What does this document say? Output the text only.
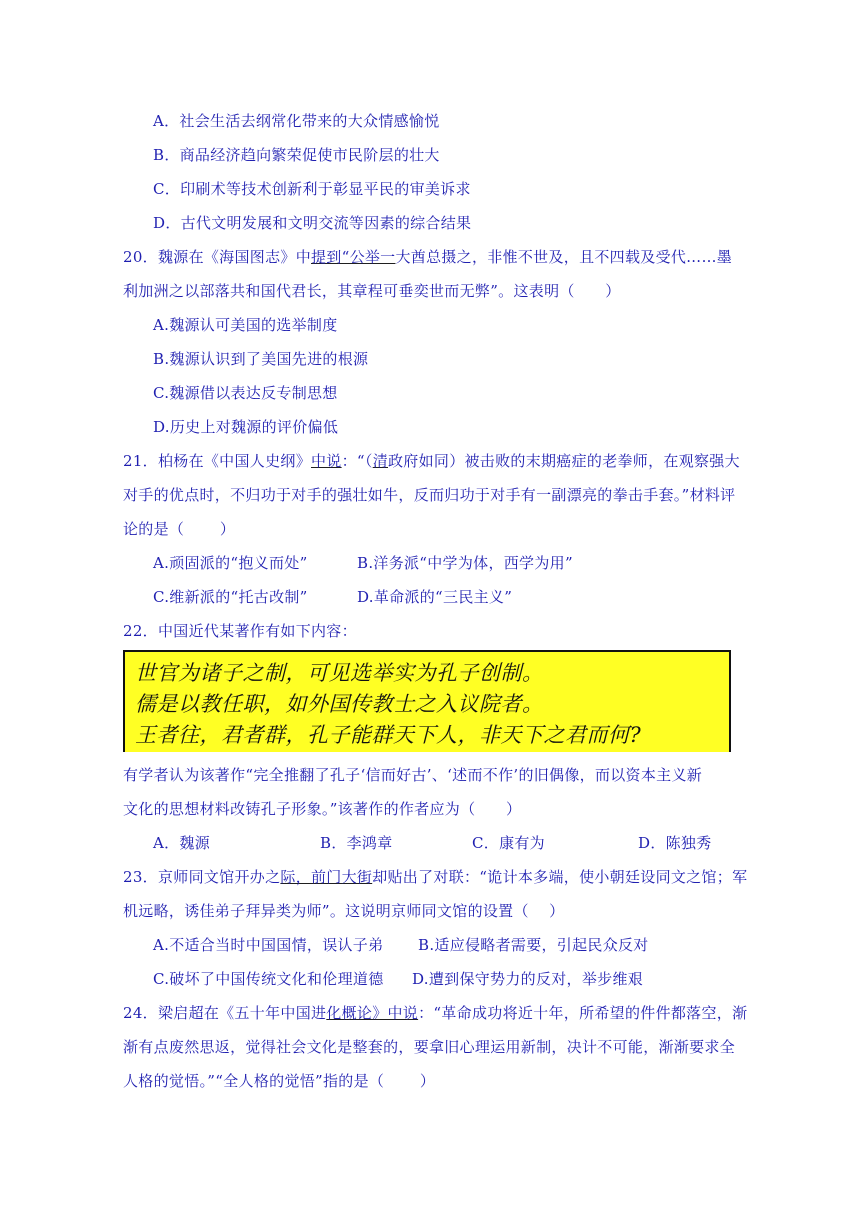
A．社会生活去纲常化带来的大众情感愉悦
B．商品经济趋向繁荣促使市民阶层的壮大
C．印刷术等技术创新利于彰显平民的审美诉求
D．古代文明发展和文明交流等因素的综合结果
20．魏源在《海国图志》中提到“公举一大酋总摄之，非惟不世及，且不四载及受代……墨
利加洲之以部落共和国代君长，其章程可垂奕世而无弊”。这表明（　　）
A.魏源认可美国的选举制度
B.魏源认识到了美国先进的根源
C.魏源借以表达反专制思想
D.历史上对魏源的评价偏低
21．柏杨在《中国人史纲》中说：“（清政府如同）被击败的末期癌症的老拳师，在观察强大
对手的优点时，不归功于对手的强壮如牛，反而归功于对手有一副漂亮的拳击手套。”材料评
论的是（　　 ）
A.顽固派的“抱义而处”	B.洋务派“中学为体，西学为用”
C.维新派的“托古改制”	D.革命派的“三民主义”
22．中国近代某著作有如下内容：
世官为诸子之制，可见选举实为孔子创制。
儒是以教任职，如外国传教士之入议院者。
王者往，君者群，孔子能群天下人，非天下之君而何?
有学者认为该著作“完全推翻了孔子‘信而好古’、‘述而不作’的旧偶像，而以资本主义新
文化的思想材料改铸孔子形象。”该著作的作者应为（　　）
A．魏源	B．李鸿章	C．康有为	D．陈独秀
23．京师同文馆开办之际，前门大街却贴出了对联：“诡计本多端，使小朝廷设同文之馆；军
机远略，诱佳弟子拜异类为师”。这说明京师同文馆的设置（　 ）
A.不适合当时中国国情，误认子弟 B.适应侵略者需要，引起民众反对
C.破坏了中国传统文化和伦理道德 D.遭到保守势力的反对，举步维艰
24．梁启超在《五十年中国进化概论》中说：“革命成功将近十年，所希望的件件都落空，渐
渐有点废然思返，觉得社会文化是整套的，要拿旧心理运用新制，决计不可能，渐渐要求全
人格的觉悟。”“全人格的觉悟”指的是（　　 ）
